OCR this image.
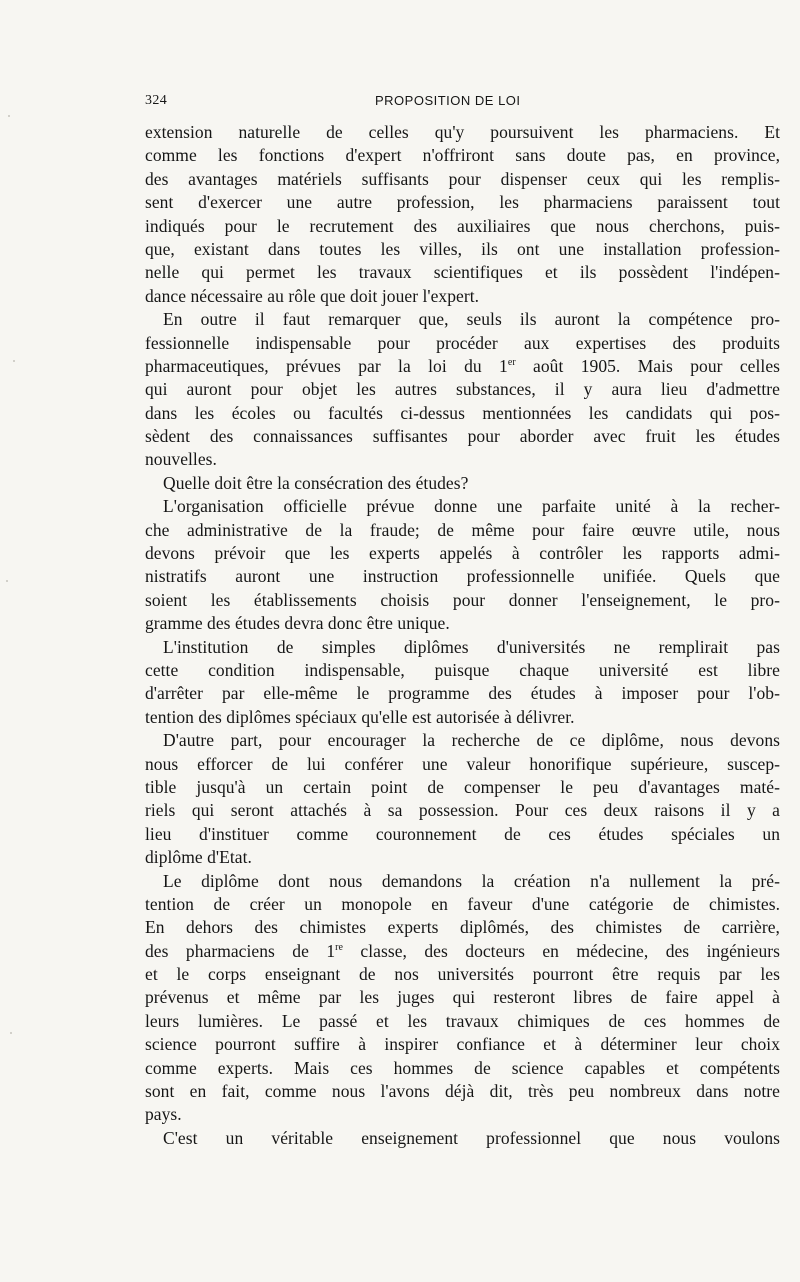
324	PROPOSITION DE LOI
extension naturelle de celles qu'y poursuivent les pharmaciens. Et
comme les fonctions d'expert n'offriront sans doute pas, en province,
des avantages matériels suffisants pour dispenser ceux qui les remplis-
sent d'exercer une autre profession, les pharmaciens paraissent tout
indiqués pour le recrutement des auxiliaires que nous cherchons, puis-
que, existant dans toutes les villes, ils ont une installation profession-
nelle qui permet les travaux scientifiques et ils possèdent l'indépen-
dance nécessaire au rôle que doit jouer l'expert.
En outre il faut remarquer que, seuls ils auront la compétence pro-
fessionnelle indispensable pour procéder aux expertises des produits
pharmaceutiques, prévues par la loi du 1er août 1905. Mais pour celles
qui auront pour objet les autres substances, il y aura lieu d'admettre
dans les écoles ou facultés ci-dessus mentionnées les candidats qui pos-
sèdent des connaissances suffisantes pour aborder avec fruit les études
nouvelles.
Quelle doit être la consécration des études?
L'organisation officielle prévue donne une parfaite unité à la recher-
che administrative de la fraude; de même pour faire œuvre utile, nous
devons prévoir que les experts appelés à contrôler les rapports admi-
nistratifs auront une instruction professionnelle unifiée. Quels que
soient les établissements choisis pour donner l'enseignement, le pro-
gramme des études devra donc être unique.
L'institution de simples diplômes d'universités ne remplirait pas
cette condition indispensable, puisque chaque université est libre
d'arrêter par elle-même le programme des études à imposer pour l'ob-
tention des diplômes spéciaux qu'elle est autorisée à délivrer.
D'autre part, pour encourager la recherche de ce diplôme, nous devons
nous efforcer de lui conférer une valeur honorifique supérieure, suscep-
tible jusqu'à un certain point de compenser le peu d'avantages maté-
riels qui seront attachés à sa possession. Pour ces deux raisons il y a
lieu d'instituer comme couronnement de ces études spéciales un
diplôme d'Etat.
Le diplôme dont nous demandons la création n'a nullement la pré-
tention de créer un monopole en faveur d'une catégorie de chimistes.
En dehors des chimistes experts diplômés, des chimistes de carrière,
des pharmaciens de 1re classe, des docteurs en médecine, des ingénieurs
et le corps enseignant de nos universités pourront être requis par les
prévenus et même par les juges qui resteront libres de faire appel à
leurs lumières. Le passé et les travaux chimiques de ces hommes de
science pourront suffire à inspirer confiance et à déterminer leur choix
comme experts. Mais ces hommes de science capables et compétents
sont en fait, comme nous l'avons déjà dit, très peu nombreux dans notre
pays.
C'est un véritable enseignement professionnel que nous voulons
